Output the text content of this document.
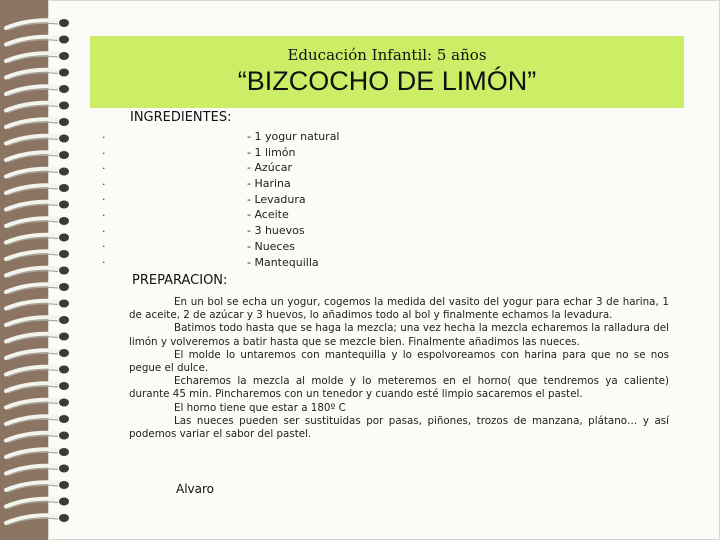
Educación Infantil: 5 años
“BIZCOCHO DE LIMÓN”
INGREDIENTES:
·
·
·
·
·
·
·
·
·
- 1 yogur natural
- 1 limón
- Azúcar
- Harina
- Levadura
- Aceite
- 3 huevos
- Nueces
- Mantequilla
PREPARACION:

En un bol se echa un yogur, cogemos la medida del vasito del yogur para echar 3 de harina, 1 de aceite, 2 de azúcar y 3 huevos, lo añadimos todo al bol y finalmente echamos la levadura.

Batimos todo hasta que se haga la mezcla; una vez hecha la mezcla echaremos la ralladura del limón y volveremos a batir hasta que se mezcle bien. Finalmente añadimos las nueces.

El molde lo untaremos con mantequilla y lo espolvoreamos con harina para que no se nos pegue el dulce.

Echaremos la mezcla al molde y lo meteremos en el horno( que tendremos ya caliente) durante 45 min. Pincharemos con un tenedor y cuando esté limpio sacaremos el pastel.

El horno tiene que estar a 180º C

Las nueces pueden ser sustituidas por pasas, piñones, trozos de manzana, plátano… y así podemos variar el sabor del pastel.

Alvaro
